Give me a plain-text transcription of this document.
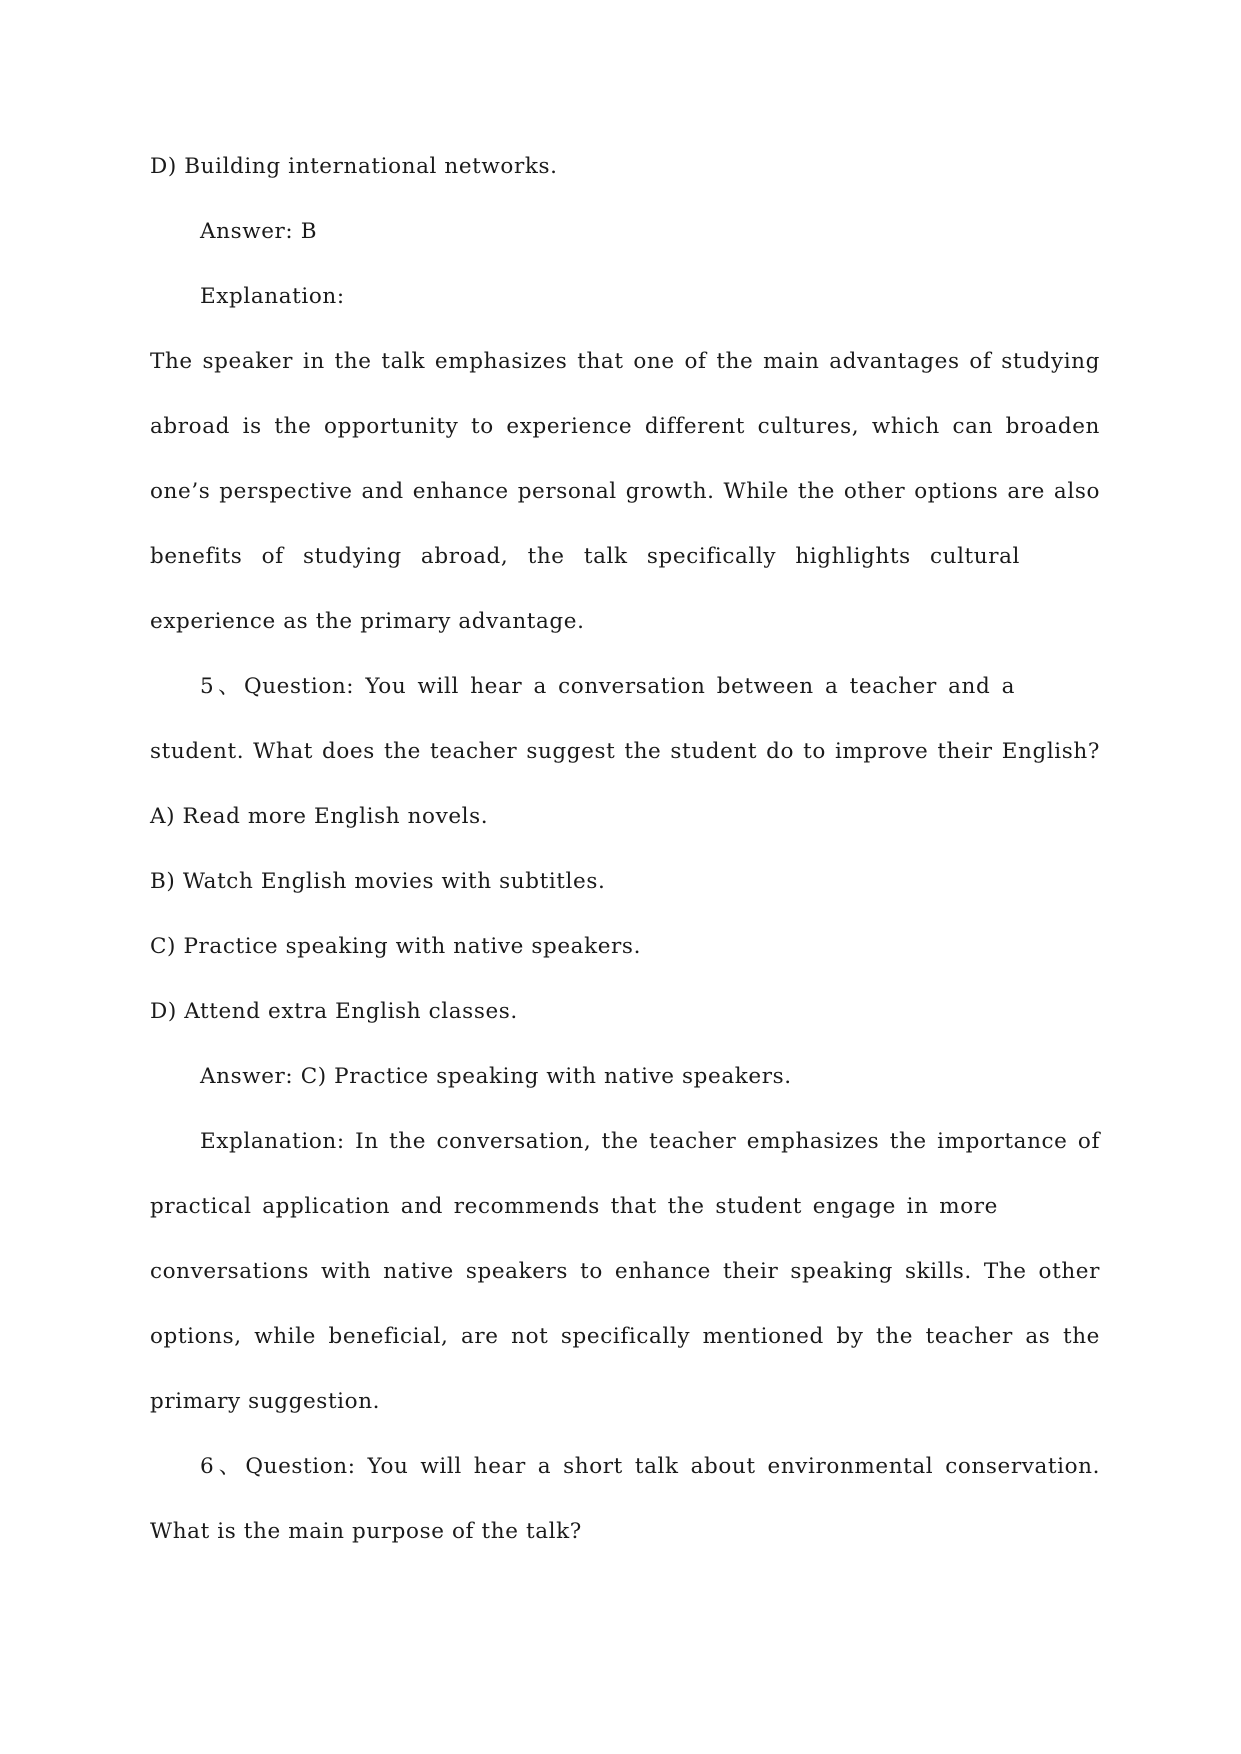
D) Building international networks.
Answer: B
Explanation:
The speaker in the talk emphasizes that one of the main advantages of studying
abroad is the opportunity to experience different cultures, which can broaden
one’s perspective and enhance personal growth. While the other options are also
benefits of studying abroad, the talk specifically highlights cultural
experience as the primary advantage.
5、Question: You will hear a conversation between a teacher and a
student. What does the teacher suggest the student do to improve their English?
A) Read more English novels.
B) Watch English movies with subtitles.
C) Practice speaking with native speakers.
D) Attend extra English classes.
Answer: C) Practice speaking with native speakers.
Explanation: In the conversation, the teacher emphasizes the importance of
practical application and recommends that the student engage in more
conversations with native speakers to enhance their speaking skills. The other
options, while beneficial, are not specifically mentioned by the teacher as the
primary suggestion.
6、Question: You will hear a short talk about environmental conservation.
What is the main purpose of the talk?
